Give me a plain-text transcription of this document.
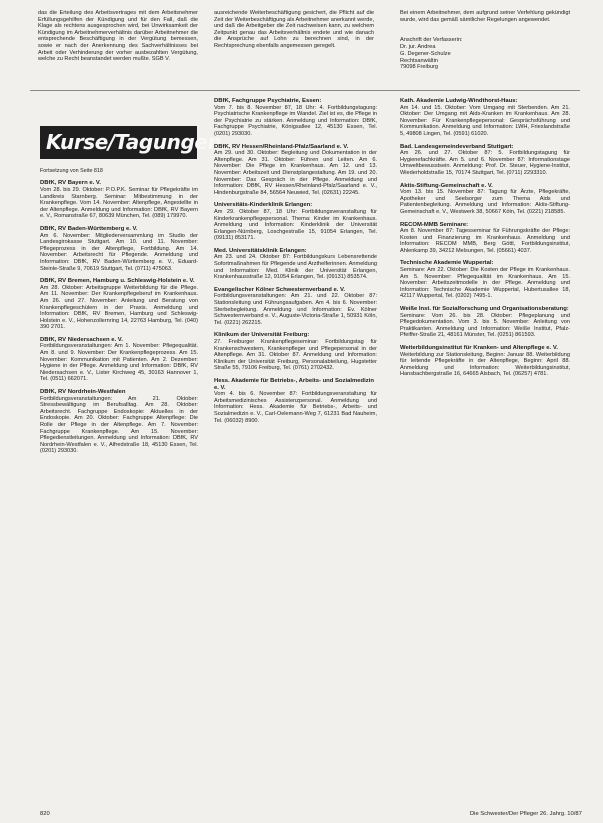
das die Erteilung des Arbeitsvertrages mit dem Arbeitsnehmer Erfüllungsgehilfen der Kündigung und für den Fall, daß die Klage als rechtens ausgesprochen wird, bei Unwirksamkeit der Kündigung im Arbeitnehmerverhältnis darüber Arbeitnehmer die entsprechende Beschäftigung in der Vergütung bemessen, sowie er nach der Anerkennung des Sachverhältnisses bei Arbeit oder Verhinderung der vorher ausbezahlten Vergütung, welche zu Recht beanstandet werden mußte. SGB V.

ausreichende Weiterbeschäftigung gesichert, die Pflicht auf die Zeit der Weiterbeschäftigung als Arbeitnehmer anerkannt werde, und daß die Arbeitgeber die Zeit nachweisen kann, zu welchem Zeitpunkt genau das Arbeitsverhältnis endete und wie danach die Ansprüche auf Lohn zu berechnen sind, in der Rechtsprechung ebenfalls angemessen geregelt.

Bei einem Arbeitnehmer, dem aufgrund seiner Verfehlung gekündigt wurde, wird das gemäß sämtlicher Regelungen angewendet.

Anschrift der Verfasserin:
Dr. jur. Andrea
G. Degener-Schulze
Rechtsanwältin
79098 Freiburg
Kurse/Tagungen
Fortsetzung von Seite 818
DBfK, RV Bayern e. V.
Vom 28. bis 29. Oktober: P.O.P.K. Seminar für Pflegekräfte im Landkreis Starnberg. Seminar: Mitbestimmung in der Krankenpflege. Vom 14. November: Altenpflege, Angestellte in der Altenpflege. Anmeldung und Information: DBfK, RV Bayern e. V., Romanstraße 67, 80639 München, Tel. (089) 179970.
DBfK, RV Baden-Württemberg e. V.
Am 6. November: Mitgliederversammlung im Studio der Landesgirokasse Stuttgart. Am 10. und 11. November: Pflegeprozess in der Altenpflege, Fortbildung. Am 14. November: Arbeitsrecht für Pflegende. Anmeldung und Information: DBfK, RV Baden-Württemberg e. V., Eduard-Steinle-Straße 9, 70619 Stuttgart, Tel. (0711) 475063.
DBfK, RV Bremen, Hamburg u. Schleswig-Holstein e. V.
Am 28. Oktober: Arbeitsgruppe Weiterbildung für die Pflege. Am 11. November: Der Krankenpflegeberuf im Krankenhaus. Am 26. und 27. November: Anleitung und Beratung von Krankenpflegeschülern in der Praxis. Anmeldung und Information: DBfK, RV Bremen, Hamburg und Schleswig-Holstein e. V., Hohenzollernring 14, 22763 Hamburg, Tel. (040) 390 2701.
DBfK, RV Niedersachsen e. V.
Fortbildungsveranstaltungen: Am 1. November: Pflegequalität. Am 8. und 9. November: Der Krankenpflegeprozess. Am 15. November: Kommunikation mit Patienten. Am 2. Dezember: Hygiene in der Pflege. Anmeldung und Information: DBfK, RV Niedersachsen e. V., Lister Kirchweg 45, 30163 Hannover 1, Tel. (0511) 662071.
DBfK, RV Nordrhein-Westfalen
Fortbildungsveranstaltungen: Am 21. Oktober: Stressbewältigung im Berufsalltag. Am 28. Oktober: Arbeitsrecht. Fachgruppe Endoskopie: Aktuelles in der Endoskopie. Am 20. Oktober: Fachgruppe Altenpflege: Die Rolle der Pflege in der Altenpflege. Am 7. November: Fachgruppe Krankenpflege. Am 15. November: Pflegedienstleitungen. Anmeldung und Information: DBfK, RV Nordrhein-Westfalen e. V., Alfredstraße 18, 45130 Essen, Tel. (0201) 293030.
DBfK, Fachgruppe Psychiatrie, Essen:
Vom 7. bis 8. November 87, 18 Uhr: 4. Fortbildungstagung: Psychiatrische Krankenpflege im Wandel. Ziel ist es, die Pflege in der Psychiatrie zu stärken. Anmeldung und Information: DBfK, Fachgruppe Psychiatrie, Königsallee 12, 45130 Essen, Tel. (0201) 293030.
DBfK, RV Hessen/Rheinland-Pfalz/Saarland e. V.
Am 29. und 30. Oktober: Begleitung und Dokumentation in der Altenpflege. Am 31. Oktober: Führen und Leiten. Am 6. November: Die Pflege im Krankenhaus. Am 12. und 13. November: Arbeitszeit und Dienstplangestaltung. Am 19. und 20. November: Das Gespräch in der Pflege. Anmeldung und Information: DBfK, RV Hessen/Rheinland-Pfalz/Saarland e. V., Hindenburgstraße 84, 56564 Neuwied, Tel. (02631) 22245.
Universitäts-Kinderklinik Erlangen:
Am 29. Oktober 87, 18 Uhr: Fortbildungsveranstaltung für Kinderkrankenpflegepersonal. Thema: Kinder im Krankenhaus. Anmeldung und Information: Kinderklinik der Universität Erlangen-Nürnberg, Loschgestraße 15, 91054 Erlangen, Tel. (09131) 853171.
Med. Universitätsklinik Erlangen:
Am 23. und 24. Oktober 87: Fortbildungskurs Lebensrettende Sofortmaßnahmen für Pflegende und Arzthelferinnen. Anmeldung und Information: Med. Klinik der Universität Erlangen, Krankenhausstraße 12, 91054 Erlangen, Tel. (09131) 853574.
Evangelischer Kölner Schwesternverband e. V.
Fortbildungsveranstaltungen: Am 21. und 22. Oktober 87: Stationsleitung und Führungsaufgaben. Am 4. bis 6. November: Sterbebegleitung. Anmeldung und Information: Ev. Kölner Schwesternverband e. V., Auguste-Victoria-Straße 1, 50931 Köln, Tel. (0221) 262215.
Klinikum der Universität Freiburg:
27. Freiburger Krankenpflegeseminar: Fortbildungstag für Krankenschwestern, Krankenpfleger und Pflegepersonal in der Altenpflege. Am 31. Oktober 87. Anmeldung und Information: Klinikum der Universität Freiburg, Personalabteilung, Hugstetter Straße 55, 79106 Freiburg, Tel. (0761) 2702432.
Hess. Akademie für Betriebs-, Arbeits- und Sozialmedizin e. V.
Vom 4. bis 6. November 87: Fortbildungsveranstaltung für Arbeitsmedizinisches Assistenzpersonal. Anmeldung und Information: Hess. Akademie für Betriebs-, Arbeits- und Sozialmedizin e. V., Carl-Oelemann-Weg 7, 61231 Bad Nauheim, Tel. (06032) 8900.
Kath. Akademie Ludwig-Windthorst-Haus:
Am 14. und 15. Oktober: Vom Umgang mit Sterbenden. Am 21. Oktober: Der Umgang mit Aids-Kranken im Krankenhaus. Am 28. November: Für Krankenpflegepersonal: Gesprächsführung und Kommunikation. Anmeldung und Information: LWH, Frieslandstraße 5, 49808 Lingen, Tel. (0591) 61020.
Bad. Landesgemeindeverband Stuttgart:
Am 26. und 27. Oktober 87: 5. Fortbildungstagung für Hygienefachkräfte. Am 5. und 6. November 87: Informationstage Umweltbewusstsein. Anmeldung: Prof. Dr. Steuer, Hygiene-Institut, Wiederholdstraße 15, 70174 Stuttgart, Tel. (0711) 2293310.
Aktis-Stiftung-Gemeinschaft e. V.
Vom 13. bis 15. November 87: Tagung für Ärzte, Pflegekräfte, Apotheker und Seelsorger zum Thema Aids und Patientenbegleitung. Anmeldung und Information: Aktis-Stiftung-Gemeinschaft e. V., Westwerk 38, 50667 Köln, Tel. (0221) 218585.
RECOM-MMB Seminare:
Am 8. November 87: Tagesseminar für Führungskräfte der Pflege: Kosten und Finanzierung im Krankenhaus. Anmeldung und Information: RECOM MMB, Berg Göttl, Fortbildungsinstitut, Ahlenkamp 39, 34212 Melsungen, Tel. (05661) 4037.
Technische Akademie Wuppertal:
Seminare: Am 22. Oktober: Die Kosten der Pflege im Krankenhaus. Am 5. November: Pflegequalität im Krankenhaus. Am 15. November: Arbeitszeitmodelle in der Pflege. Anmeldung und Information: Technische Akademie Wuppertal, Hubertusallee 18, 42117 Wuppertal, Tel. (0202) 7495-1.
Weiße Inst. für Sozialforschung und Organisationsberatung:
Seminare: Vom 26. bis 28. Oktober: Pflegeplanung und Pflegedokumentation. Vom 3. bis 5. November: Anleitung von Praktikanten. Anmeldung und Information: Weiße Institut, Pfalz-Pfeiffer-Straße 21, 48161 Münster, Tel. (0251) 861593.
Weiterbildungsinstitut für Kranken- und Altenpflege e. V.
Weiterbildung zur Stationsleitung, Beginn: Januar 88. Weiterbildung für leitende Pflegekräfte in der Altenpflege, Beginn: April 88. Anmeldung und Information: Weiterbildungsinstitut, Hansbachbergstraße 16, 64665 Alsbach, Tel. (06257) 4781.
820	Die Schwester/Der Pfleger 26. Jahrg. 10/87
